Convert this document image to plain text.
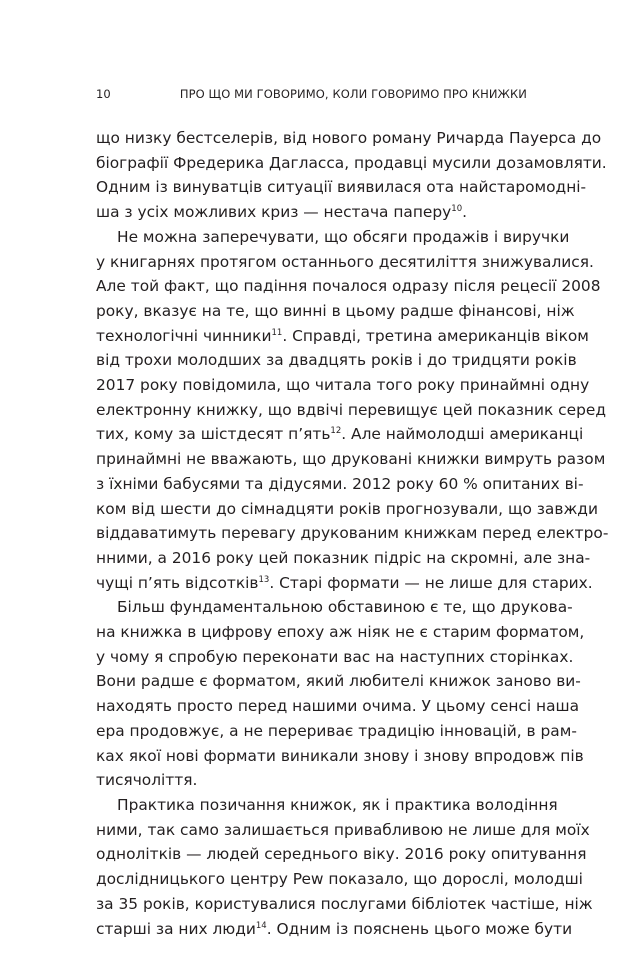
10	ПРО ЩО МИ ГОВОРИМО, КОЛИ ГОВОРИМО ПРО КНИЖКИ

що низку бестселерів, від нового роману Ричарда Пауерса до
біографії Фредерика Дагласса, продавці мусили дозамовляти.
Одним із винуватців ситуації виявилася ота найстаромодні-
ша з усіх можливих криз — нестача паперу$^{10}$.

Не можна заперечувати, що обсяги продажів і виручки
у книгарнях протягом останнього десятиліття знижувалися.
Але той факт, що падіння почалося одразу після рецесії 2008
року, вказує на те, що винні в цьому радше фінансові, ніж
технологічні чинники$^{11}$. Справді, третина американців віком
від трохи молодших за двадцять років і до тридцяти років
2017 року повідомила, що читала того року принаймні одну
електронну книжку, що вдвічі перевищує цей показник серед
тих, кому за шістдесят п’ять$^{12}$. Але наймолодші американці
принаймні не вважають, що друковані книжки вимруть разом
з їхніми бабусями та дідусями. 2012 року 60 % опитаних ві-
ком від шести до сімнадцяти років прогнозували, що завжди
віддаватимуть перевагу друкованим книжкам перед електро-
нними, а 2016 року цей показник підріс на скромні, але зна-
чущі п’ять відсотків$^{13}$. Старі формати — не лише для старих.

Більш фундаментальною обставиною є те, що друкова-
на книжка в цифрову епоху аж ніяк не є старим форматом,
у чому я спробую переконати вас на наступних сторінках.
Вони радше є форматом, який любителі книжок заново ви-
находять просто перед нашими очима. У цьому сенсі наша
ера продовжує, а не перериває традицію інновацій, в рам-
ках якої нові формати виникали знову і знову впродовж пів
тисячоліття.

Практика позичання книжок, як і практика володіння
ними, так само залишається привабливою не лише для моїх
однолітків — людей середнього віку. 2016 року опитування
дослідницького центру Pew показало, що дорослі, молодші
за 35 років, користувалися послугами бібліотек частіше, ніж
старші за них люди$^{14}$. Одним із пояснень цього може бути
